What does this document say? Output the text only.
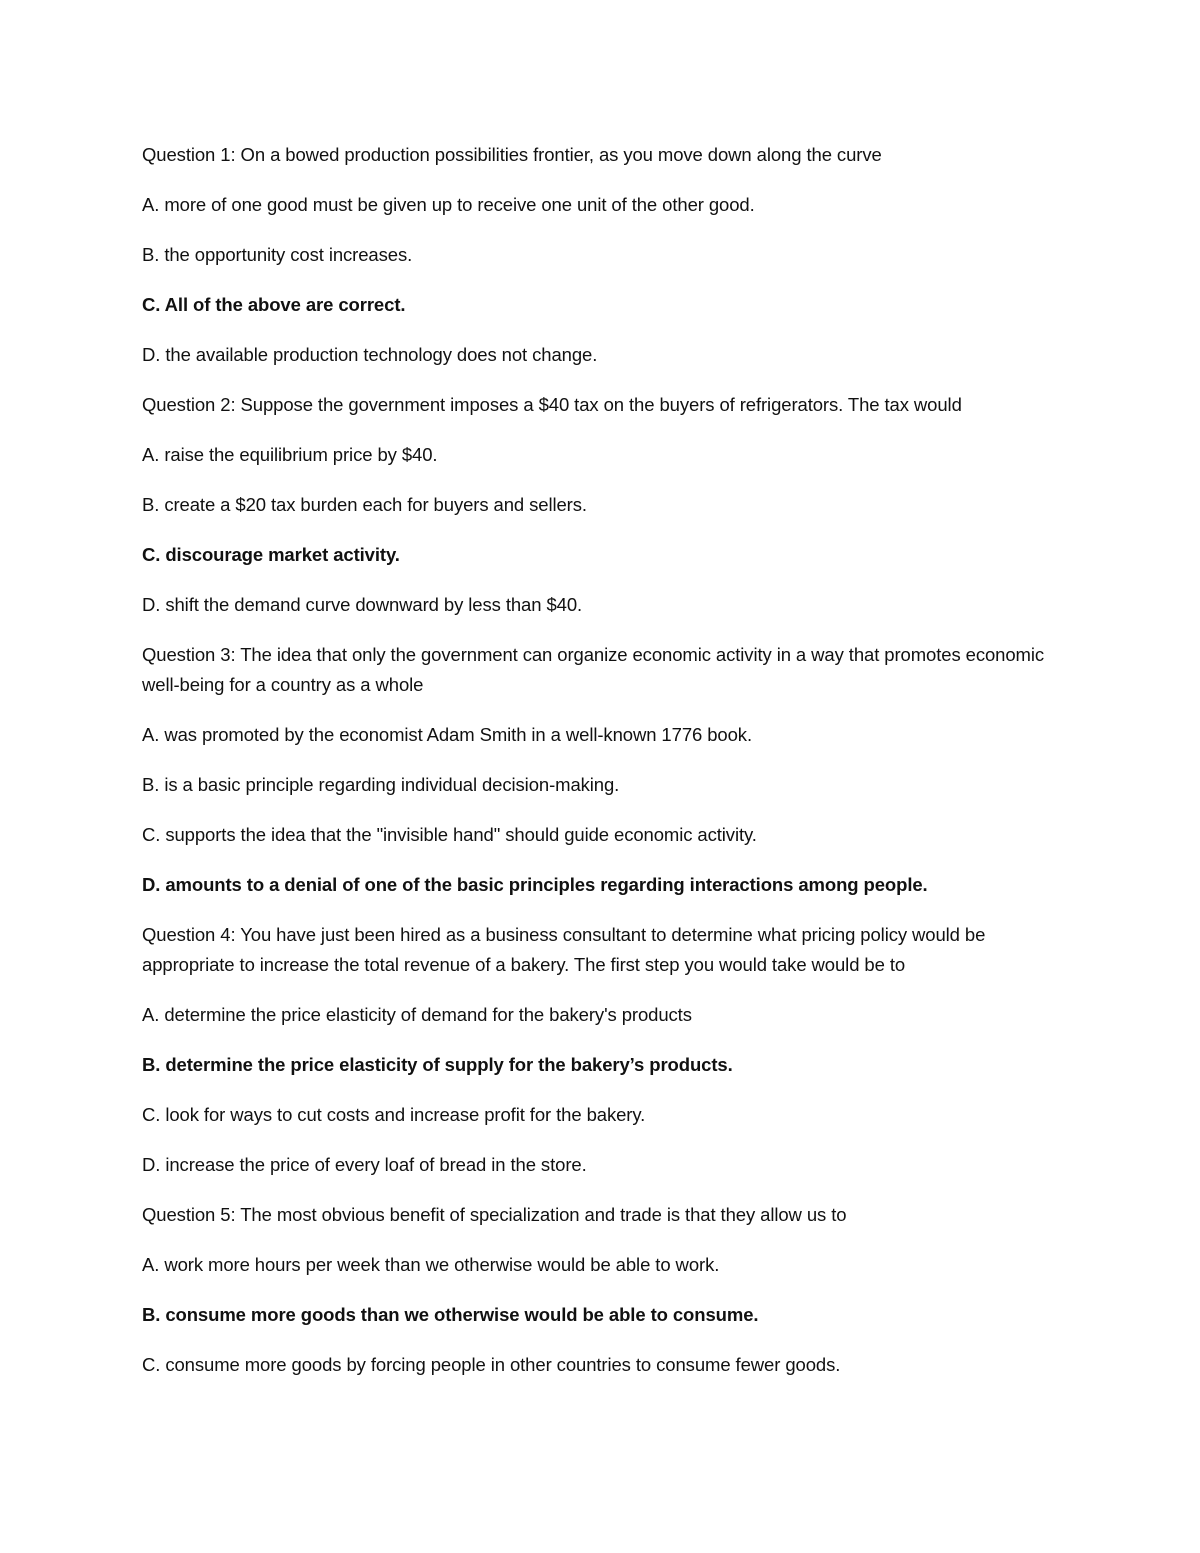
Question 1: On a bowed production possibilities frontier, as you move down along the curve

A. more of one good must be given up to receive one unit of the other good.

B. the opportunity cost increases.

C. All of the above are correct.

D. the available production technology does not change.

Question 2: Suppose the government imposes a $40 tax on the buyers of refrigerators. The tax would

A. raise the equilibrium price by $40.

B. create a $20 tax burden each for buyers and sellers.

C. discourage market activity.

D. shift the demand curve downward by less than $40.

Question 3: The idea that only the government can organize economic activity in a way that promotes economic well-being for a country as a whole

A. was promoted by the economist Adam Smith in a well-known 1776 book.

B. is a basic principle regarding individual decision-making.

C. supports the idea that the "invisible hand" should guide economic activity.

D. amounts to a denial of one of the basic principles regarding interactions among people.

Question 4: You have just been hired as a business consultant to determine what pricing policy would be appropriate to increase the total revenue of a bakery. The first step you would take would be to

A. determine the price elasticity of demand for the bakery's products

B. determine the price elasticity of supply for the bakery’s products.

C. look for ways to cut costs and increase profit for the bakery.

D. increase the price of every loaf of bread in the store.

Question 5: The most obvious benefit of specialization and trade is that they allow us to

A. work more hours per week than we otherwise would be able to work.

B. consume more goods than we otherwise would be able to consume.

C. consume more goods by forcing people in other countries to consume fewer goods.
